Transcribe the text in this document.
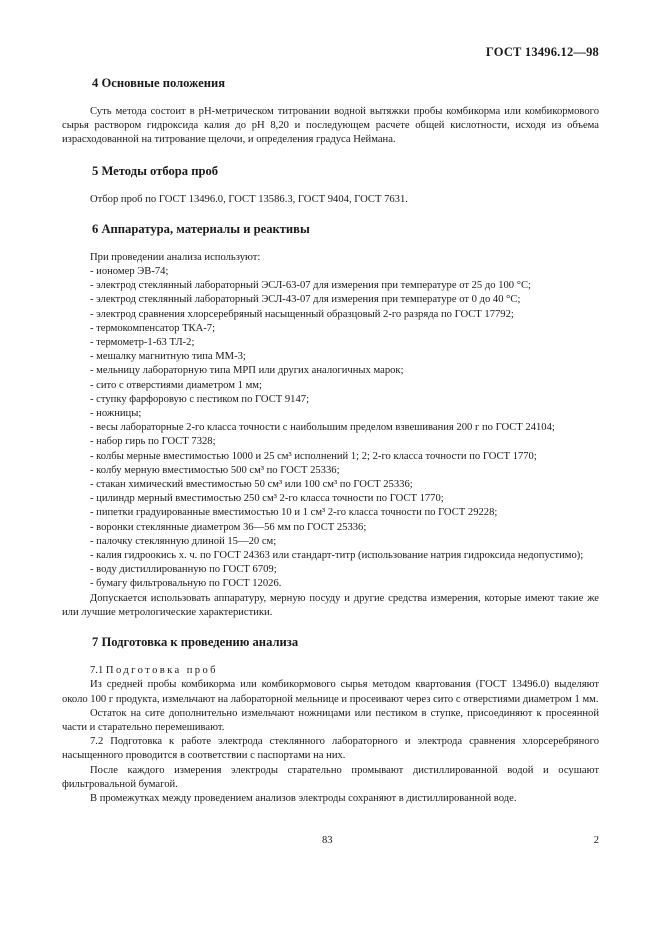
ГОСТ 13496.12—98
4 Основные положения

Суть метода состоит в рН-метрическом титровании водной вытяжки пробы комбикорма или комбикормового сырья раствором гидроксида калия до рН 8,20 и последующем расчете общей кислотности, исходя из объема израсходованной на титрование щелочи, и определения градуса Неймана.

5 Методы отбора проб

Отбор проб по ГОСТ 13496.0, ГОСТ 13586.3, ГОСТ 9404, ГОСТ 7631.

6 Аппаратура, материалы и реактивы

При проведении анализа используют:

- иономер ЭВ-74;

- электрод стеклянный лабораторный ЭСЛ-63-07 для измерения при температуре от 25 до 100 °С;

- электрод стеклянный лабораторный ЭСЛ-43-07 для измерения при температуре от 0 до 40 °С;

- электрод сравнения хлорсеребряный насыщенный образцовый 2-го разряда по ГОСТ 17792;

- термокомпенсатор ТКА-7;

- термометр-1-63 ТЛ-2;

- мешалку магнитную типа ММ-3;

- мельницу лабораторную типа МРП или других аналогичных марок;

- сито с отверстиями диаметром 1 мм;

- ступку фарфоровую с пестиком по ГОСТ 9147;

- ножницы;

- весы лабораторные 2-го класса точности с наибольшим пределом взвешивания 200 г по ГОСТ 24104;

- набор гирь по ГОСТ 7328;

- колбы мерные вместимостью 1000 и 25 см³ исполнений 1; 2; 2-го класса точности по ГОСТ 1770;

- колбу мерную вместимостью 500 см³ по ГОСТ 25336;

- стакан химический вместимостью 50 см³ или 100 см³ по ГОСТ 25336;

- цилиндр мерный вместимостью 250 см³ 2-го класса точности по ГОСТ 1770;

- пипетки градуированные вместимостью 10 и 1 см³ 2-го класса точности по ГОСТ 29228;

- воронки стеклянные диаметром 36—56 мм по ГОСТ 25336;

- палочку стеклянную длиной 15—20 см;

- калия гидроокись х. ч. по ГОСТ 24363 или стандарт-титр (использование натрия гидроксида недопустимо);

- воду дистиллированную по ГОСТ 6709;

- бумагу фильтровальную по ГОСТ 12026.

Допускается использовать аппаратуру, мерную посуду и другие средства измерения, которые имеют такие же или лучшие метрологические характеристики.

7 Подготовка к проведению анализа

7.1 Подготовка проб

Из средней пробы комбикорма или комбикормового сырья методом квартования (ГОСТ 13496.0) выделяют около 100 г продукта, измельчают на лабораторной мельнице и просеивают через сито с отверстиями диаметром 1 мм.

Остаток на сите дополнительно измельчают ножницами или пестиком в ступке, присоединяют к просеянной части и старательно перемешивают.

7.2 Подготовка к работе электрода стеклянного лабораторного и электрода сравнения хлорсеребряного насыщенного проводится в соответствии с паспортами на них.

После каждого измерения электроды старательно промывают дистиллированной водой и осушают фильтровальной бумагой.

В промежутках между проведением анализов электроды сохраняют в дистиллированной воде.

83	2
